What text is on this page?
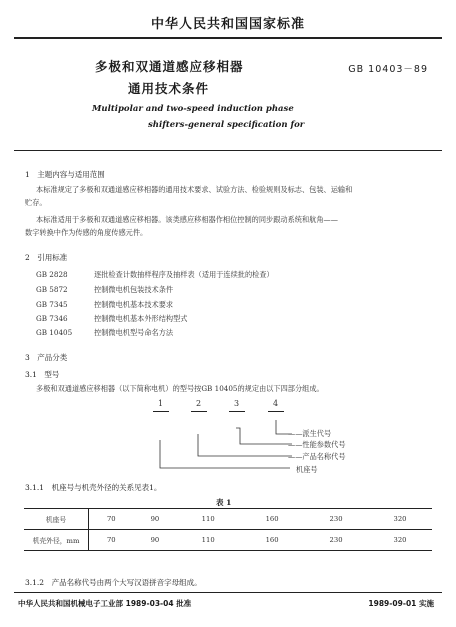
中华人民共和国国家标准
多极和双通道感应移相器
通用技术条件
GB 10403－89
Multipolar and two-speed induction phase
shifters-general specification for
1　主题内容与适用范围
本标准规定了多极和双通道感应移相器的通用技术要求、试验方法、检验规则及标志、包装、运输和
贮存。
本标准适用于多极和双通道感应移相器。该类感应移相器作相位控制的同步跟动系统和航角——
数字转换中作为传感的角度传感元件。
2　引用标准
GB 2828	逐批检查计数抽样程序及抽样表（适用于连续批的检查）
GB 5872	控制微电机包装技术条件
GB 7345	控制微电机基本技术要求
GB 7346	控制微电机基本外形结构型式
GB 10405	控制微电机型号命名方法
3　产品分类
3.1　型号
多极和双通道感应移相器（以下简称电机）的型号按GB 10405的规定由以下四部分组成。
1	2	3	4
——派生代号
——性能参数代号
——产品名称代号
机座号
3.1.1　机座号与机壳外径的关系见表1。
表 1
机座号	70	90	110	160	230	320
机壳外径，mm	70	90	110	160	230	320
3.1.2　产品名称代号由两个大写汉语拼音字母组成。
中华人民共和国机械电子工业部 1989-03-04 批准	1989-09-01 实施
